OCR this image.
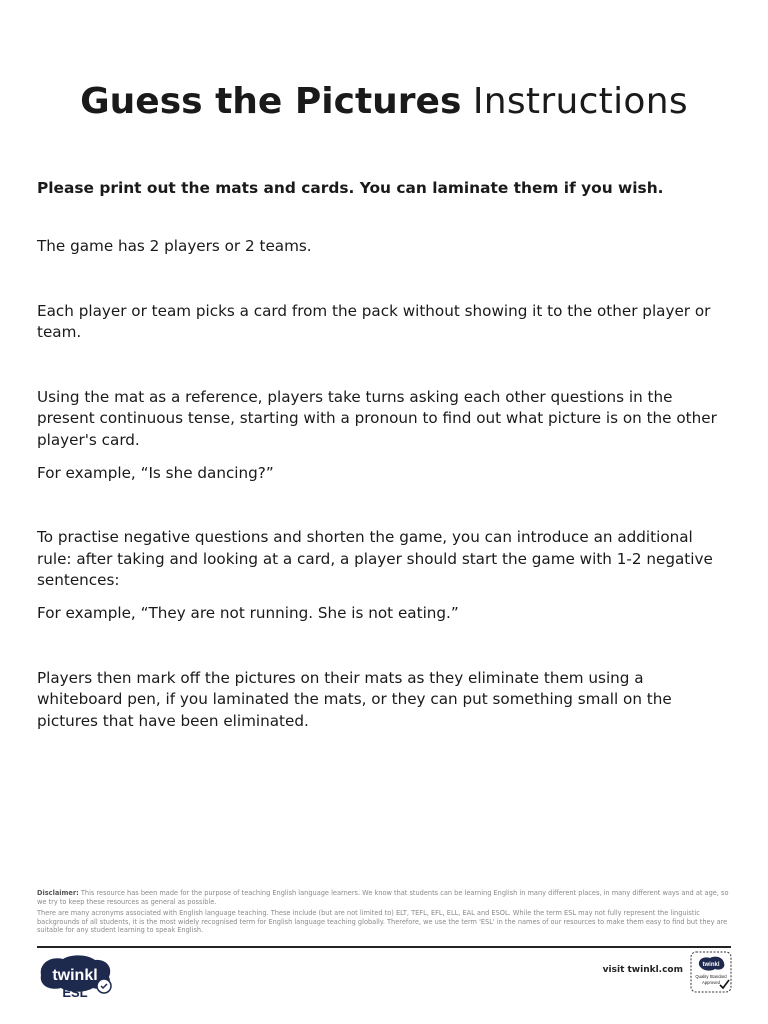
Guess the Pictures Instructions

Please print out the mats and cards. You can laminate them if you wish.

The game has 2 players or 2 teams.

Each player or team picks a card from the pack without showing it to the other player or team.

Using the mat as a reference, players take turns asking each other questions in the present continuous tense, starting with a pronoun to find out what picture is on the other player's card.

For example, “Is she dancing?”

To practise negative questions and shorten the game, you can introduce an additional rule: after taking and looking at a card, a player should start the game with 1-2 negative sentences:

For example, “They are not running. She is not eating.”

Players then mark off the pictures on their mats as they eliminate them using a whiteboard pen, if you laminated the mats, or they can put something small on the pictures that have been eliminated.

Disclaimer: This resource has been made for the purpose of teaching English language learners. We know that students can be learning English in many different places, in many different ways and at age, so we try to keep these resources as general as possible.

There are many acronyms associated with English language teaching. These include (but are not limited to) ELT, TEFL, EFL, ELL, EAL and ESOL. While the term ESL may not fully represent the linguistic backgrounds of all students, it is the most widely recognised term for English language teaching globally. Therefore, we use the term 'ESL' in the names of our resources to make them easy to find but they are suitable for any student learning to speak English.

twinkl
ESL
visit twinkl.com	twinkl
Quality Standard
Approved
